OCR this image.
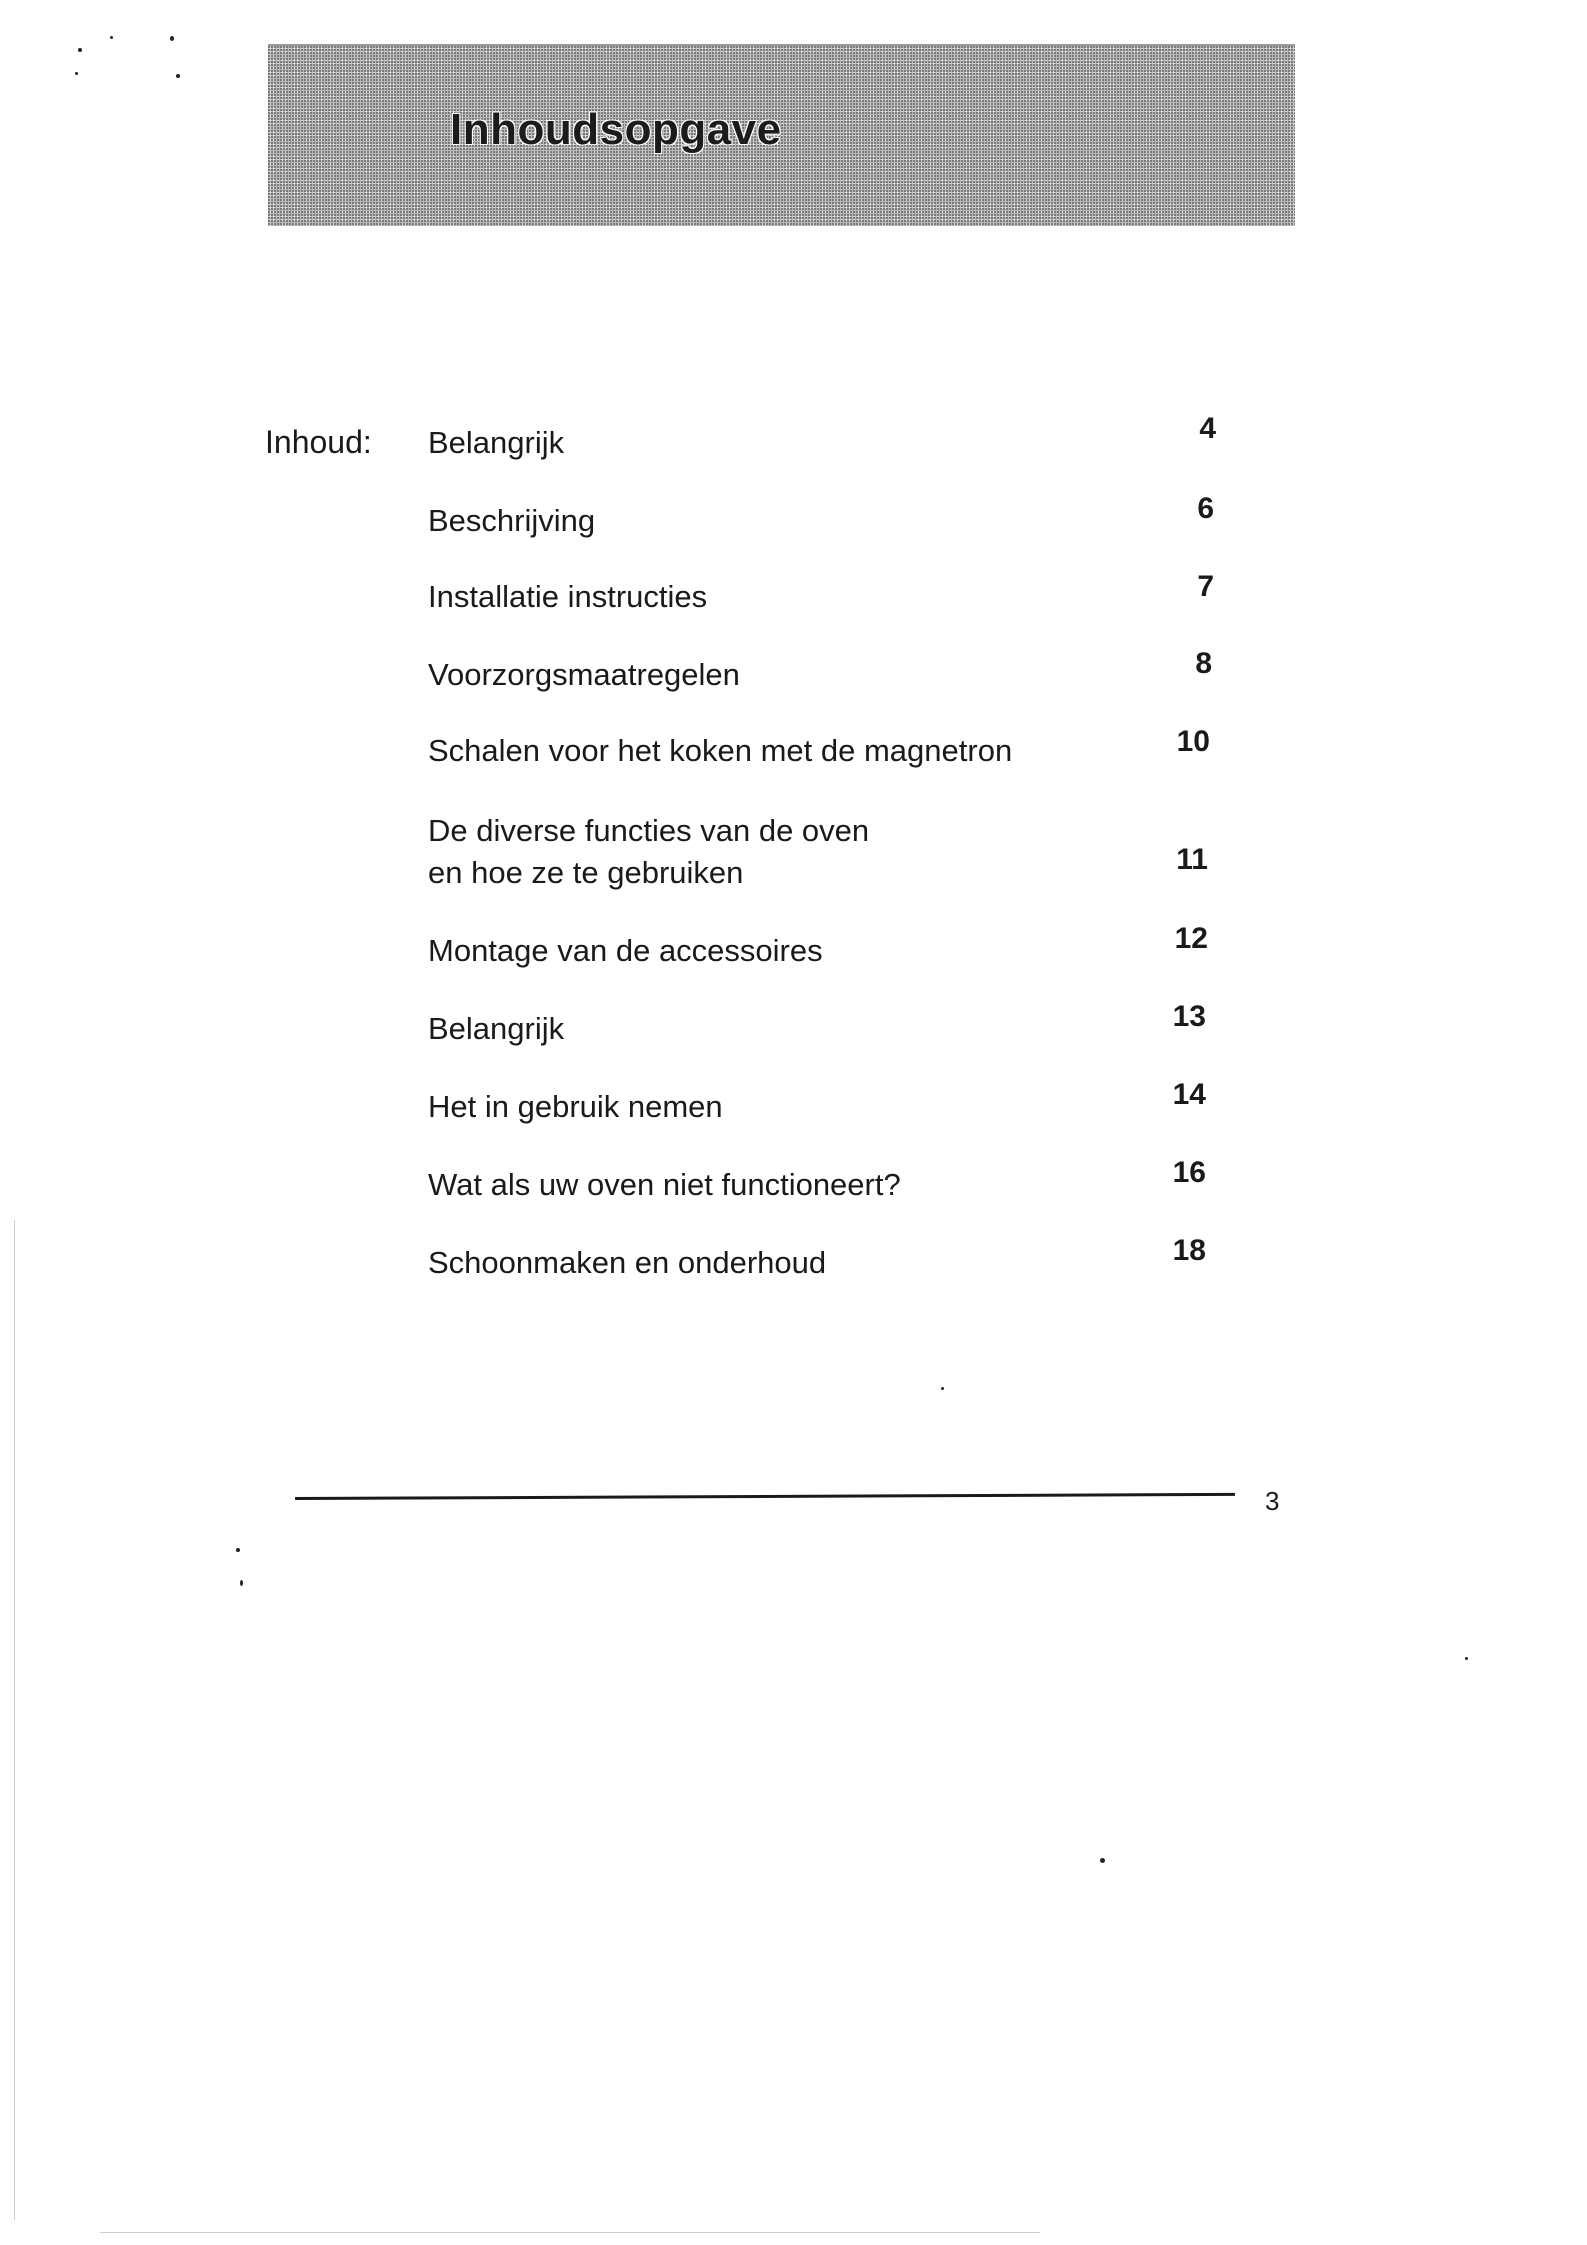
Inhoudsopgave
Inhoud: Belangrijk	4
Beschrijving	6
Installatie instructies	7
Voorzorgsmaatregelen	8
Schalen voor het koken met de magnetron	10
De diverse functies van de oven
en hoe ze te gebruiken	11
Montage van de accessoires	12
Belangrijk	13
Het in gebruik nemen	14
Wat als uw oven niet functioneert?	16
Schoonmaken en onderhoud	18
3
